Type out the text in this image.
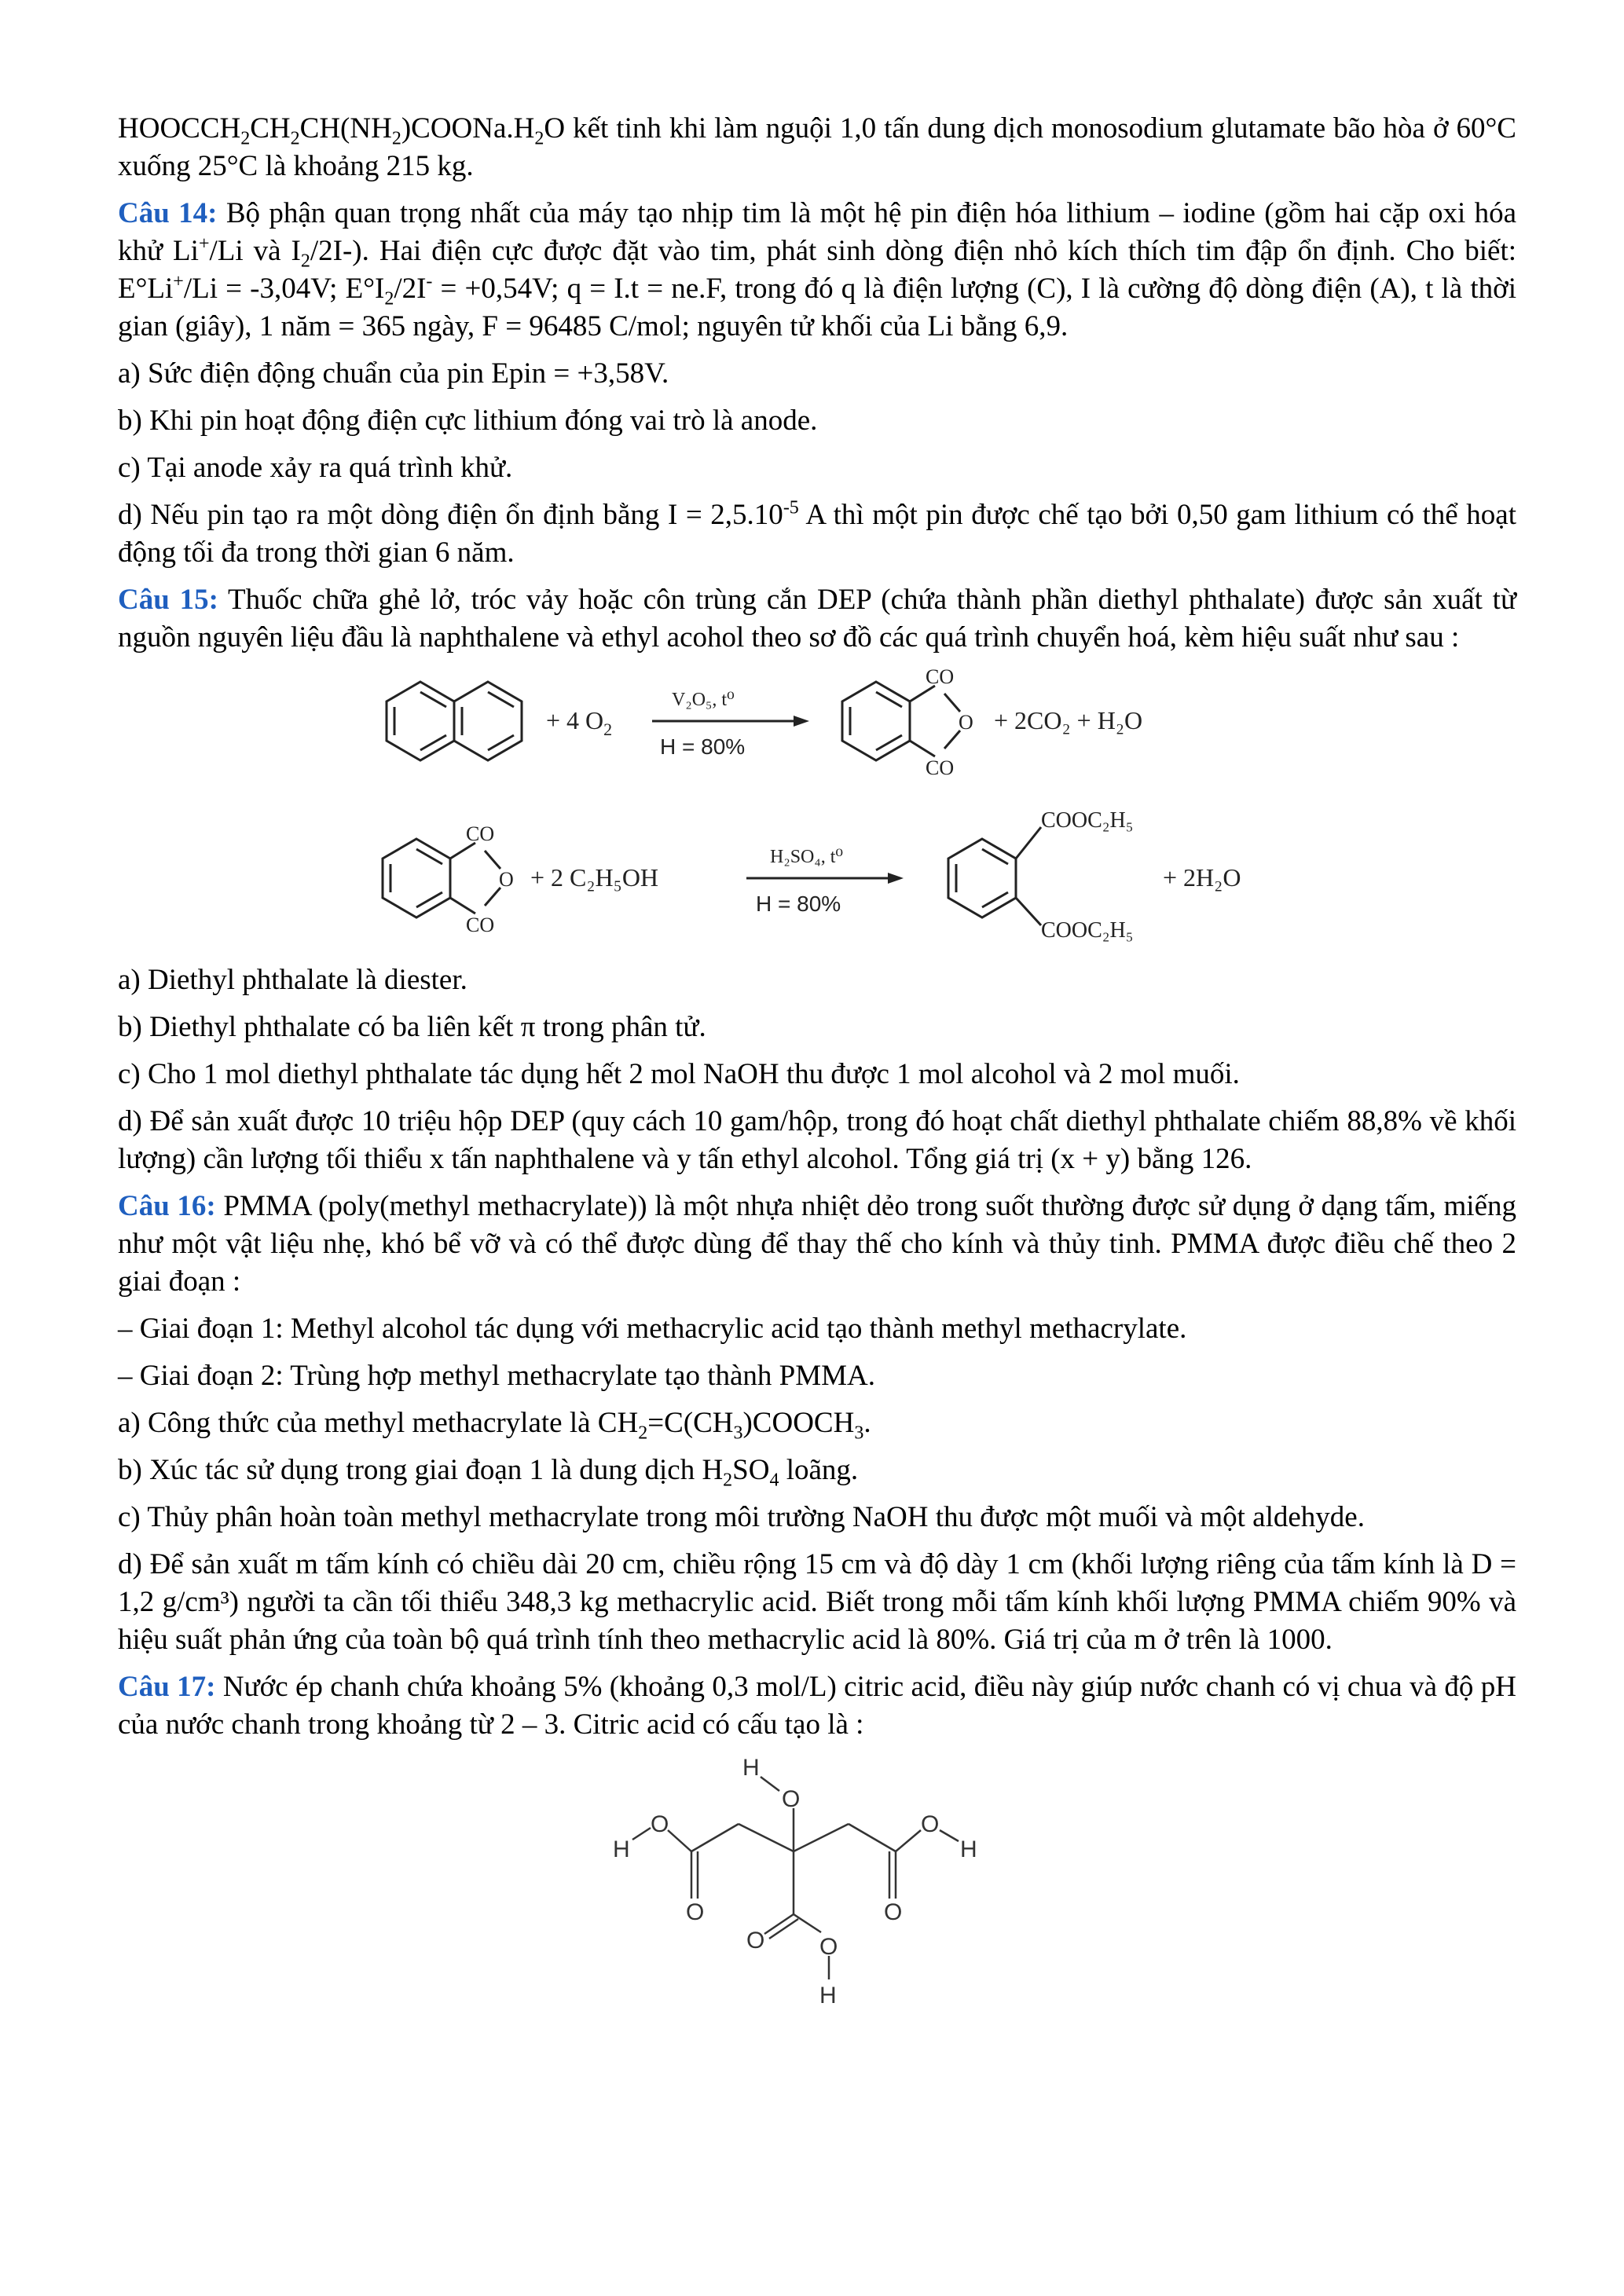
$HOOCCH_2CH_2CH(NH_2)COONa.H_2O$ kết tinh khi làm nguội 1,0 tấn dung dịch monosodium glutamate bão hòa ở 60°C xuống 25°C là khoảng 215 kg.

Câu 14: Bộ phận quan trọng nhất của máy tạo nhịp tim là một hệ pin điện hóa lithium – iodine (gồm hai cặp oxi hóa khử Li+/Li và $I_2/2I-$). Hai điện cực được đặt vào tim, phát sinh dòng điện nhỏ kích thích tim đập ổn định. Cho biết: E°Li+/Li = -3,04V; $E^\circ I_2/2I^- = +0,54V$; q = I.t = ne.F, trong đó q là điện lượng (C), I là cường độ dòng điện (A), t là thời gian (giây), 1 năm = 365 ngày, F = 96485 C/mol; nguyên tử khối của Li bằng 6,9.

a) Sức điện động chuẩn của pin Epin = +3,58V.

b) Khi pin hoạt động điện cực lithium đóng vai trò là anode.

c) Tại anode xảy ra quá trình khử.

d) Nếu pin tạo ra một dòng điện ổn định bằng $I = 2,5.10^{-5}$ A thì một pin được chế tạo bởi 0,50 gam lithium có thể hoạt động tối đa trong thời gian 6 năm.

Câu 15: Thuốc chữa ghẻ lở, tróc vảy hoặc côn trùng cắn DEP (chứa thành phần diethyl phthalate) được sản xuất từ nguồn nguyên liệu đầu là naphthalene và ethyl acohol theo sơ đồ các quá trình chuyển hoá, kèm hiệu suất như sau :

+ 4 $O_2$
V₂O₅, t⁰
H = 80%
CO
O
CO
+ 2CO₂ + H₂O
CO
O
CO
+ 2 C₂H₅OH
H₂SO₄, t⁰
H = 80%
COOC₂H₅
COOC₂H₅
+ 2H₂O

a) Diethyl phthalate là diester.

b) Diethyl phthalate có ba liên kết π trong phân tử.

c) Cho 1 mol diethyl phthalate tác dụng hết 2 mol NaOH thu được 1 mol alcohol và 2 mol muối.

d) Để sản xuất được 10 triệu hộp DEP (quy cách 10 gam/hộp, trong đó hoạt chất diethyl phthalate chiếm 88,8% về khối lượng) cần lượng tối thiểu x tấn naphthalene và y tấn ethyl alcohol. Tổng giá trị (x + y) bằng 126.

Câu 16: PMMA (poly(methyl methacrylate)) là một nhựa nhiệt dẻo trong suốt thường được sử dụng ở dạng tấm, miếng như một vật liệu nhẹ, khó bể vỡ và có thể được dùng để thay thế cho kính và thủy tinh. PMMA được điều chế theo 2 giai đoạn :

– Giai đoạn 1: Methyl alcohol tác dụng với methacrylic acid tạo thành methyl methacrylate.

– Giai đoạn 2: Trùng hợp methyl methacrylate tạo thành PMMA.

a) Công thức của methyl methacrylate là $CH_2=C(CH_3)COOCH_3$.

b) Xúc tác sử dụng trong giai đoạn 1 là dung dịch $H_2SO_4$ loãng.

c) Thủy phân hoàn toàn methyl methacrylate trong môi trường NaOH thu được một muối và một aldehyde.

d) Để sản xuất m tấm kính có chiều dài 20 cm, chiều rộng 15 cm và độ dày 1 cm (khối lượng riêng của tấm kính là D = 1,2 g/cm³) người ta cần tối thiểu 348,3 kg methacrylic acid. Biết trong mỗi tấm kính khối lượng PMMA chiếm 90% và hiệu suất phản ứng của toàn bộ quá trình tính theo methacrylic acid là 80%. Giá trị của m ở trên là 1000.

Câu 17: Nước ép chanh chứa khoảng 5% (khoảng 0,3 mol/L) citric acid, điều này giúp nước chanh có vị chua và độ pH của nước chanh trong khoảng từ 2 – 3. Citric acid có cấu tạo là :

H
O
H
O
O
O
H
O
O O
H
